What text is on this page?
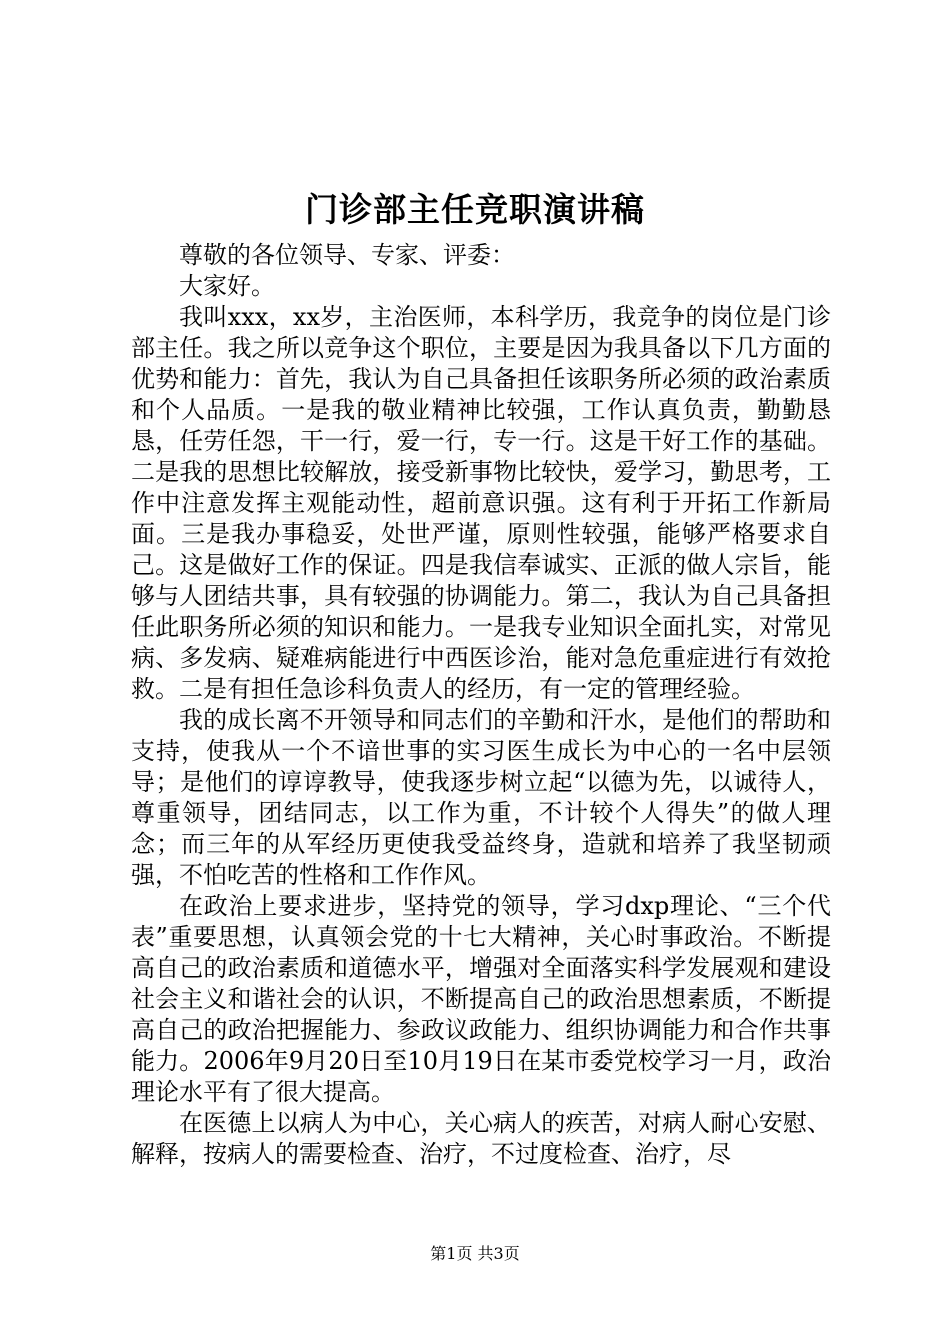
门诊部主任竞职演讲稿

尊敬的各位领导、专家、评委：

大家好。

我叫xxx，xx岁，主治医师，本科学历，我竞争的岗位是门诊部主任。我之所以竞争这个职位，主要是因为我具备以下几方面的优势和能力：首先，我认为自己具备担任该职务所必须的政治素质和个人品质。一是我的敬业精神比较强，工作认真负责，勤勤恳恳，任劳任怨，干一行，爱一行，专一行。这是干好工作的基础。二是我的思想比较解放，接受新事物比较快，爱学习，勤思考，工作中注意发挥主观能动性，超前意识强。这有利于开拓工作新局面。三是我办事稳妥，处世严谨，原则性较强，能够严格要求自己。这是做好工作的保证。四是我信奉诚实、正派的做人宗旨，能够与人团结共事，具有较强的协调能力。第二，我认为自己具备担任此职务所必须的知识和能力。一是我专业知识全面扎实，对常见病、多发病、疑难病能进行中西医诊治，能对急危重症进行有效抢救。二是有担任急诊科负责人的经历，有一定的管理经验。

我的成长离不开领导和同志们的辛勤和汗水，是他们的帮助和支持，使我从一个不谙世事的实习医生成长为中心的一名中层领导；是他们的谆谆教导，使我逐步树立起“以德为先，以诚待人，尊重领导，团结同志，以工作为重，不计较个人得失”的做人理念；而三年的从军经历更使我受益终身，造就和培养了我坚韧顽强，不怕吃苦的性格和工作作风。

在政治上要求进步，坚持党的领导，学习dxp理论、“三个代表”重要思想，认真领会党的十七大精神，关心时事政治。不断提高自己的政治素质和道德水平，增强对全面落实科学发展观和建设社会主义和谐社会的认识，不断提高自己的政治思想素质，不断提高自己的政治把握能力、参政议政能力、组织协调能力和合作共事能力。2006年9月20日至10月19日在某市委党校学习一月，政治理论水平有了很大提高。

在医德上以病人为中心，关心病人的疾苦，对病人耐心安慰、解释，按病人的需要检查、治疗，不过度检查、治疗，尽

第1页 共3页
